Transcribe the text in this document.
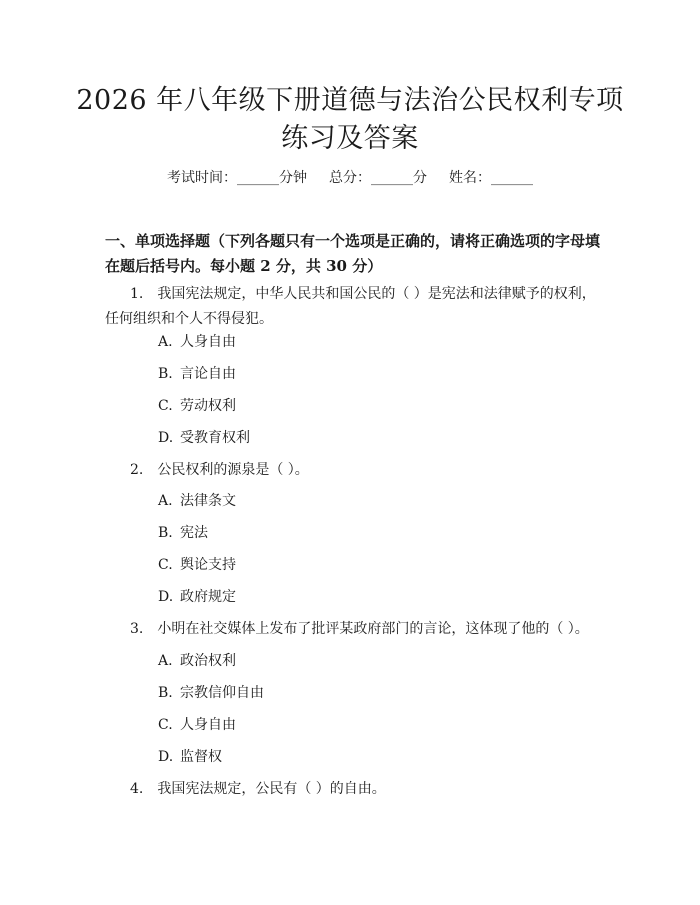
2026 年八年级下册道德与法治公民权利专项
练习及答案
考试时间：______分钟 总分：______分 姓名：______
一、单项选择题（下列各题只有一个选项是正确的，请将正确选项的字母填在题后括号内。每小题 2 分，共 30 分）
1. 我国宪法规定，中华人民共和国公民的（ ）是宪法和法律赋予的权利，任何组织和个人不得侵犯。
A. 人身自由
B. 言论自由
C. 劳动权利
D. 受教育权利
2. 公民权利的源泉是（ ）。
A. 法律条文
B. 宪法
C. 舆论支持
D. 政府规定
3. 小明在社交媒体上发布了批评某政府部门的言论，这体现了他的（ ）。
A. 政治权利
B. 宗教信仰自由
C. 人身自由
D. 监督权
4. 我国宪法规定，公民有（ ）的自由。
